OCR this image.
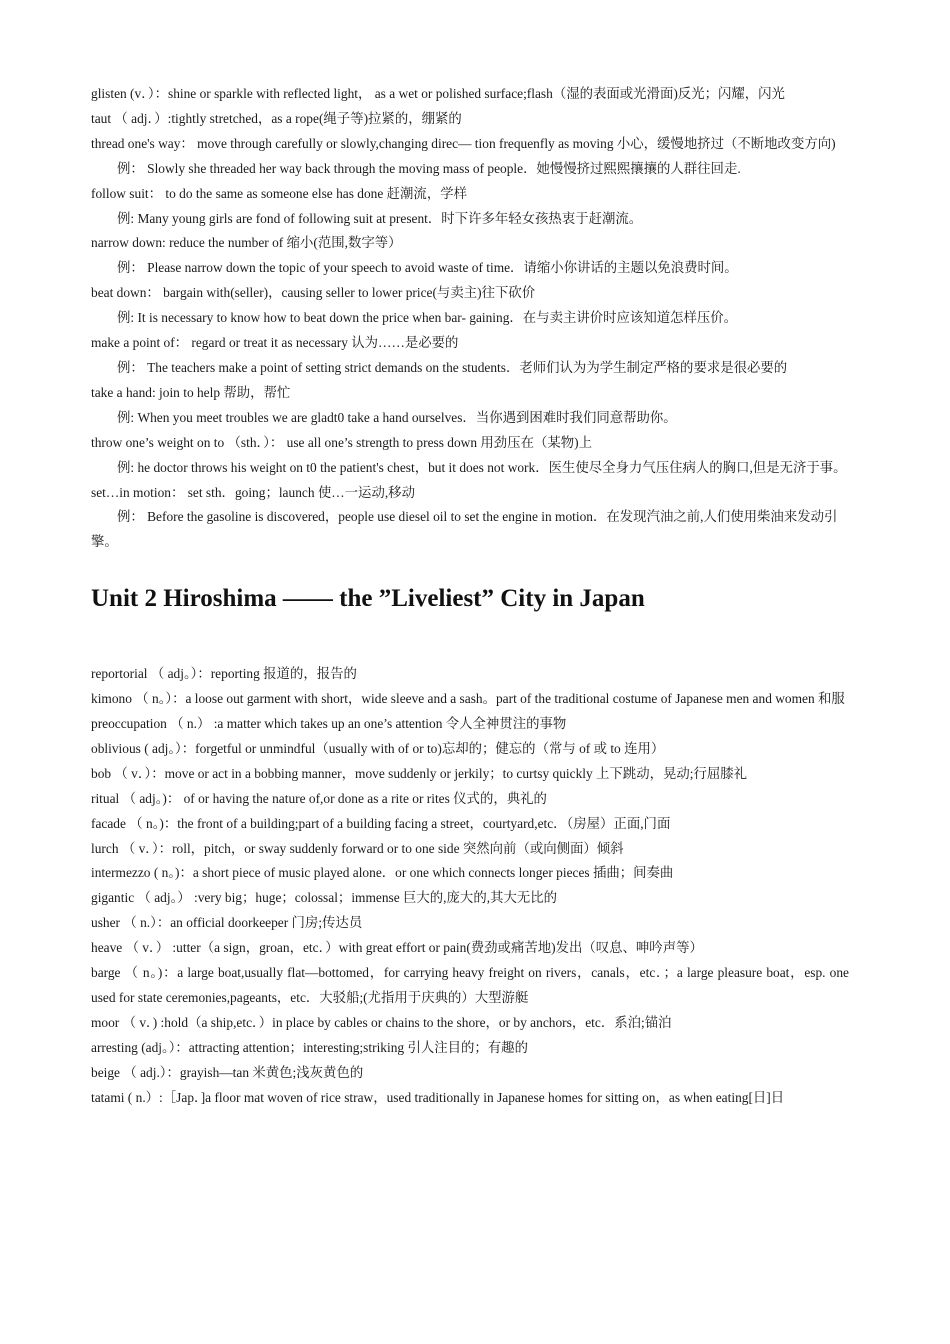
glisten (v．）：shine or sparkle with reflected light， as a wet or polished surface;flash（湿的表面或光滑面)反光；闪耀，闪光

taut （ adj．）:tightly stretched，as a rope(绳子等)拉紧的，绷紧的

thread one's way： move through carefully or slowly,changing direc— tion frequenfly as moving 小心，缓慢地挤过（不断地改变方向)

例： Slowly she threaded her way back through the moving mass of people．她慢慢挤过熙熙攘攘的人群往回走.

follow suit： to do the same as someone else has done 赶潮流，学样

例: Many young girls are fond of following suit at present．时下许多年轻女孩热衷于赶潮流。

narrow down: reduce the number of 缩小(范围,数字等）

例： Please narrow down the topic of your speech to avoid waste of time．请缩小你讲话的主题以免浪费时间。

beat down： bargain with(seller)，causing seller to lower price(与卖主)往下砍价

例: It is necessary to know how to beat down the price when bar- gaining．在与卖主讲价时应该知道怎样压价。

make a point of： regard or treat it as necessary 认为……是必要的

例： The teachers make a point of setting strict demands on the students．老师们认为为学生制定严格的要求是很必要的

take a hand: join to help 帮助，帮忙

例: When you meet troubles we are gladt0 take a hand ourselves．当你遇到困难时我们同意帮助你。

throw one’s weight on to （sth．）： use all one’s strength to press down 用劲压在（某物)上

例: he doctor throws his weight on t0 the patient's chest，but it does not work．医生使尽全身力气压住病人的胸口,但是无济于事。

set…in motion： set sth．going；launch 使…一运动,移动

例： Before the gasoline is discovered，people use diesel oil to set the engine in motion．在发现汽油之前,人们使用柴油来发动引擎。

Unit 2 Hiroshima —— the ”Liveliest” City in Japan

reportorial （ adj。）：reporting 报道的，报告的

kimono （ n。）：a loose out garment with short，wide sleeve and a sash。part of the traditional costume of Japanese men and women 和服

preoccupation （ n.） :a matter which takes up an one’s attention 令人全神贯注的事物

oblivious ( adj。）：forgetful or unmindful（usually with of or to)忘却的；健忘的（常与 of 或 to 连用）

bob （ v．）：move or act in a bobbing manner，move suddenly or jerkily；to curtsy quickly 上下跳动，晃动;行屈膝礼

ritual （ adj。)： of or having the nature of,or done as a rite or rites 仪式的，典礼的

facade （ n。)：the front of a building;part of a building facing a street，courtyard,etc．（房屋）正面,门面

lurch （ v．）：roll，pitch，or sway suddenly forward or to one side 突然向前（或向侧面）倾斜

intermezzo ( n。)：a short piece of music played alone．or one which connects longer pieces 插曲；间奏曲

gigantic （ adj。） :very big；huge；colossal；immense 巨大的,庞大的,其大无比的

usher （ n.）：an official doorkeeper 门房;传达员

heave （ v．） :utter（a sign，groan，etc．）with great effort or pain(费劲或痛苦地)发出（叹息、呻吟声等）

barge （ n。)：a large boat,usually flat—bottomed，for carrying heavy freight on rivers，canals，etc．；a large pleasure boat，esp. one used for state ceremonies,pageants，etc．大驳船;(尤指用于庆典的）大型游艇

moor （ v．) :hold（a ship,etc．）in place by cables or chains to the shore，or by anchors，etc．系泊;锚泊

arresting (adj。）：attracting attention；interesting;striking 引人注目的；有趣的

beige （ adj.）：grayish—tan 米黄色;浅灰黄色的

tatami ( n.）:［Jap．]a floor mat woven of rice straw，used traditionally in Japanese homes for sitting on，as when eating[日]日
